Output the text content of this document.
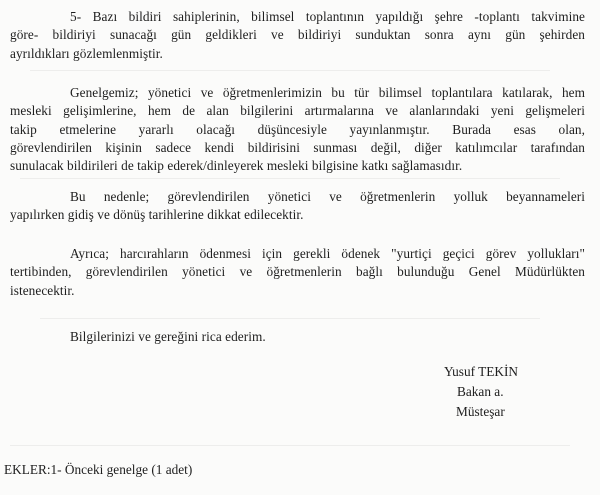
5- Bazı bildiri sahiplerinin, bilimsel toplantının yapıldığı şehre -toplantı takvimine
göre- bildiriyi sunacağı gün geldikleri ve bildiriyi sunduktan sonra aynı gün şehirden
ayrıldıkları gözlemlenmiştir.

Genelgemiz; yönetici ve öğretmenlerimizin bu tür bilimsel toplantılara katılarak, hem
mesleki gelişimlerine, hem de alan bilgilerini artırmalarına ve alanlarındaki yeni gelişmeleri
takip etmelerine yararlı olacağı düşüncesiyle yayınlanmıştır. Burada esas olan,
görevlendirilen kişinin sadece kendi bildirisini sunması değil, diğer katılımcılar tarafından
sunulacak bildirileri de takip ederek/dinleyerek mesleki bilgisine katkı sağlamasıdır.

Bu nedenle; görevlendirilen yönetici ve öğretmenlerin yolluk beyannameleri
yapılırken gidiş ve dönüş tarihlerine dikkat edilecektir.

Ayrıca; harcırahların ödenmesi için gerekli ödenek "yurtiçi geçici görev yollukları"
tertibinden, görevlendirilen yönetici ve öğretmenlerin bağlı bulunduğu Genel Müdürlükten
istenecektir.

Bilgilerinizi ve gereğini rica ederim.

Yusuf TEKİN
Bakan a.
Müsteşar
EKLER:1- Önceki genelge (1 adet)
